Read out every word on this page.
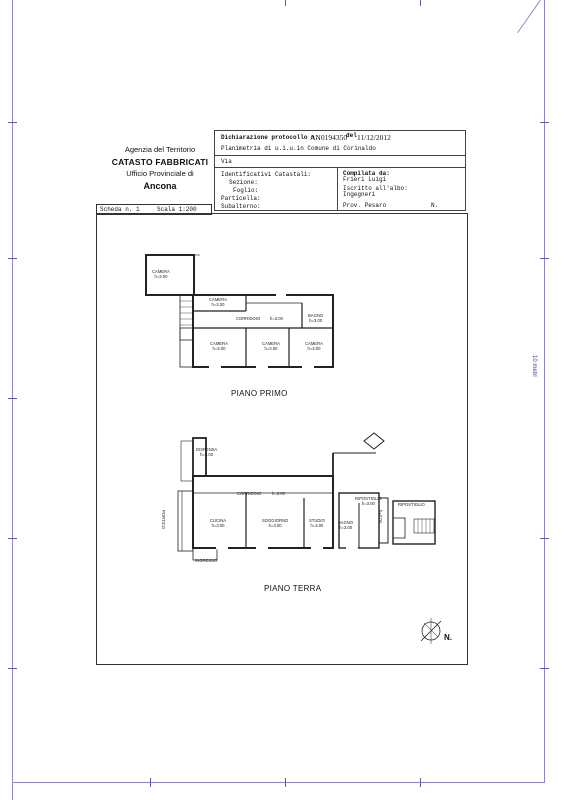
10 metri
Agenzia del Territorio
CATASTO FABBRICATI
Ufficio Provinciale di
Ancona
Dichiarazione protocollo n.
AN0194350
del 11/12/2012
Planimetria di u.i.u.in Comune di Corinaldo
Via
Identificativi Catastali:
Sezione:
Foglio:
Particella:
Subalterno:
Compilata da:
Frieri Luigi
Iscritto all'albo:
Ingegneri
Prov. Pesaro	N.
Scheda n. 1	Scala 1:200
CAMERA
h=3.00
CAMERA
h=3.00
CORRIDOIO h=3.00
BAGNO
h=3.00
CAMERA
h=3.00
CAMERA
h=3.00
CAMERA
h=3.00
PIANO PRIMO
DISPENSA
h=3.00
CORRIDOIO	h=3.00
CUCINA
h=3.00
SOGGIORNO
h=3.00
STUDIO
h=3.00
BAGNO
h=3.00
RIPOSTIGLIO
h=3.00	RIPOSTIGLIO
INGRESSO
PORTICO	h=3.00
PIANO TERRA
N.
